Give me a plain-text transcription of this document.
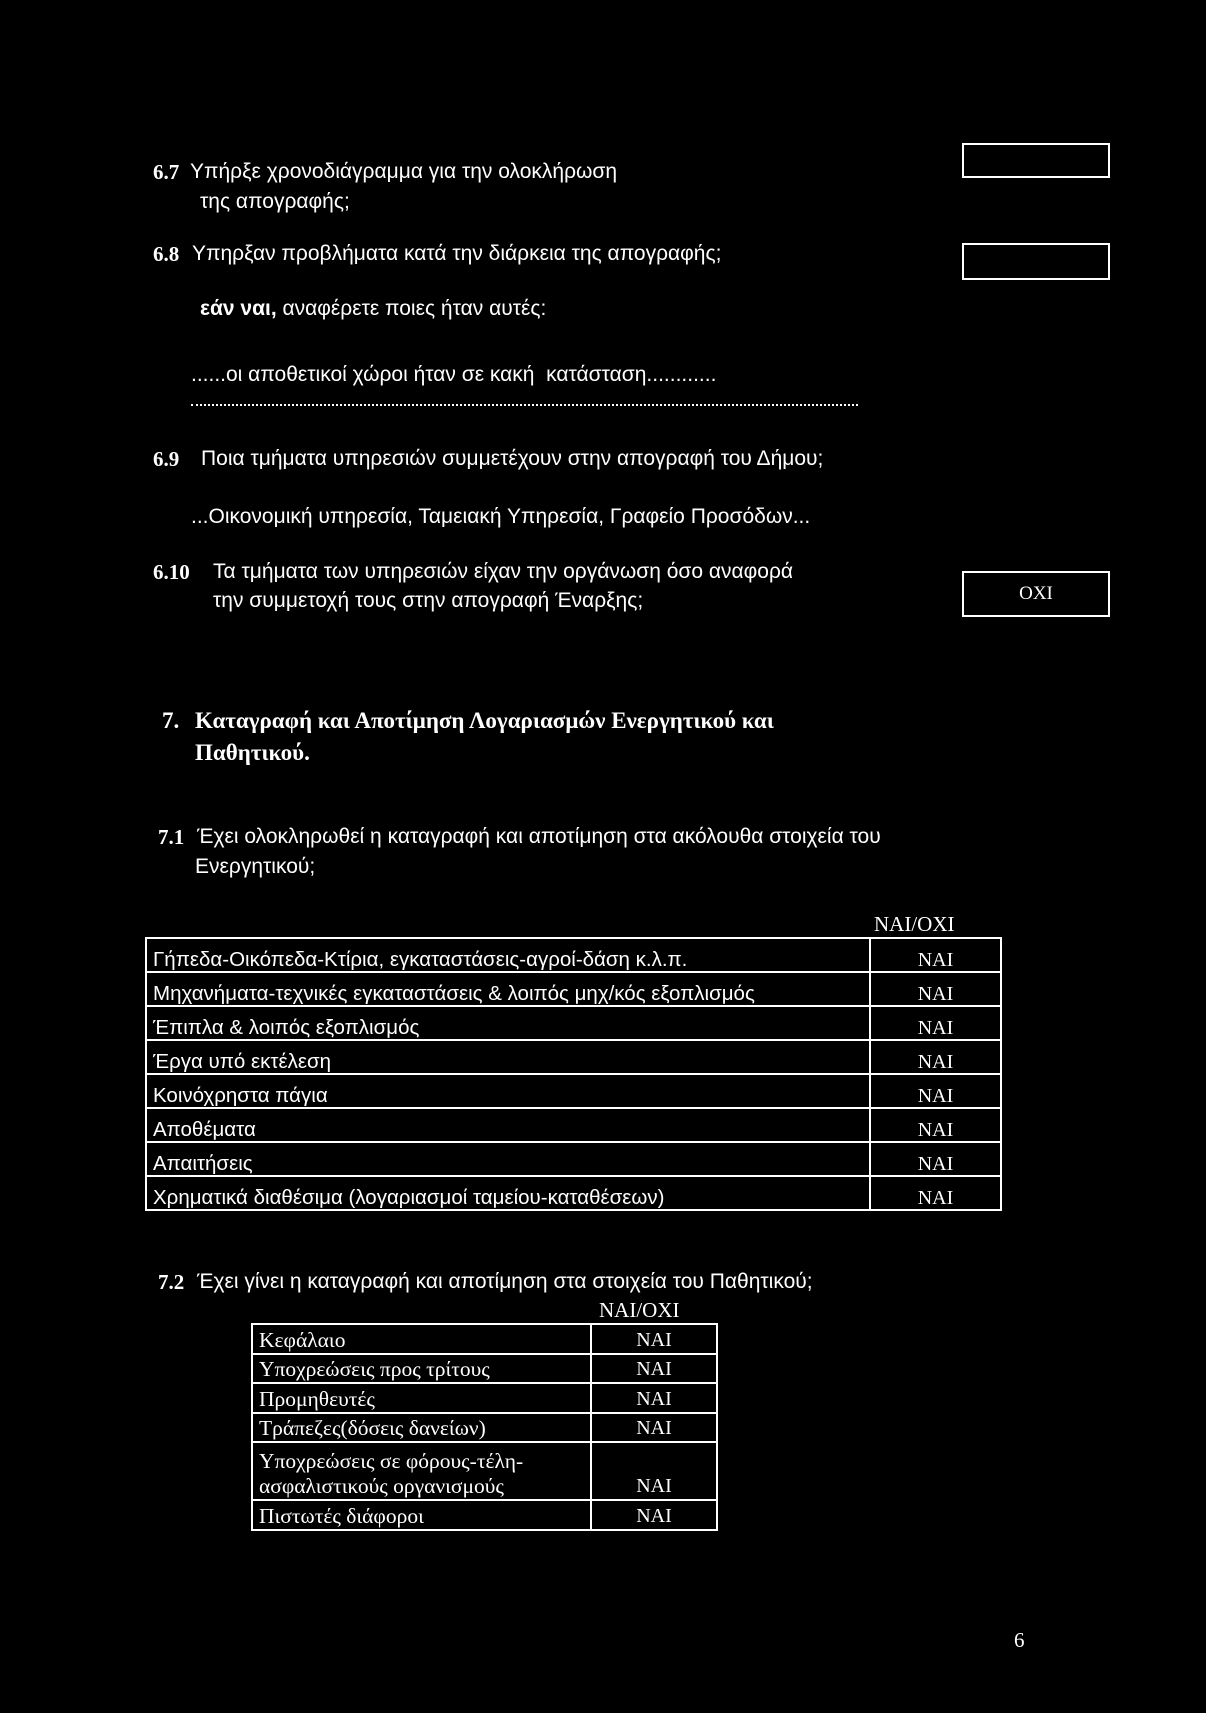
6.7 Υπήρξε χρονοδιάγραμμα για την ολοκλήρωση
της απογραφής;
6.8 Υπηρξαν προβλήματα κατά την διάρκεια της απογραφής;
εάν ναι, αναφέρετε ποιες ήταν αυτές:
......οι αποθετικοί χώροι ήταν σε κακή  κατάσταση............
6.9 Ποια τμήματα υπηρεσιών συμμετέχουν στην απογραφή του Δήμου;
...Οικονομική υπηρεσία, Ταμειακή Υπηρεσία, Γραφείο Προσόδων...
6.10 Τα τμήματα των υπηρεσιών είχαν την οργάνωση όσο αναφορά
την συμμετοχή τους στην απογραφή Έναρξης;	ΟΧΙ
7. Καταγραφή και Αποτίμηση Λογαριασμών Ενεργητικού και
Παθητικού.
7.1 Έχει ολοκληρωθεί η καταγραφή και αποτίμηση στα ακόλουθα στοιχεία του
Ενεργητικού;
ΝΑΙ/ΟΧΙ
Γήπεδα-Οικόπεδα-Κτίρια, εγκαταστάσεις-αγροί-δάση κ.λ.π.	ΝΑΙ
Μηχανήματα-τεχνικές εγκαταστάσεις & λοιπός μηχ/κός εξοπλισμός	ΝΑΙ
Έπιπλα & λοιπός εξοπλισμός	ΝΑΙ
Έργα υπό εκτέλεση	ΝΑΙ
Κοινόχρηστα πάγια	ΝΑΙ
Αποθέματα	ΝΑΙ
Απαιτήσεις	ΝΑΙ
Χρηματικά διαθέσιμα (λογαριασμοί ταμείου-καταθέσεων)	ΝΑΙ
7.2 Έχει γίνει η καταγραφή και αποτίμηση στα στοιχεία του Παθητικού;
ΝΑΙ/ΟΧΙ
Κεφάλαιο	ΝΑΙ
Υποχρεώσεις προς τρίτους	ΝΑΙ
Προμηθευτές	ΝΑΙ
Τράπεζες(δόσεις δανείων)	ΝΑΙ

Υποχρεώσεις σε φόρους-τέλη-
ασφαλιστικούς οργανισμούς	ΝΑΙ
Πιστωτές διάφοροι	ΝΑΙ
6
